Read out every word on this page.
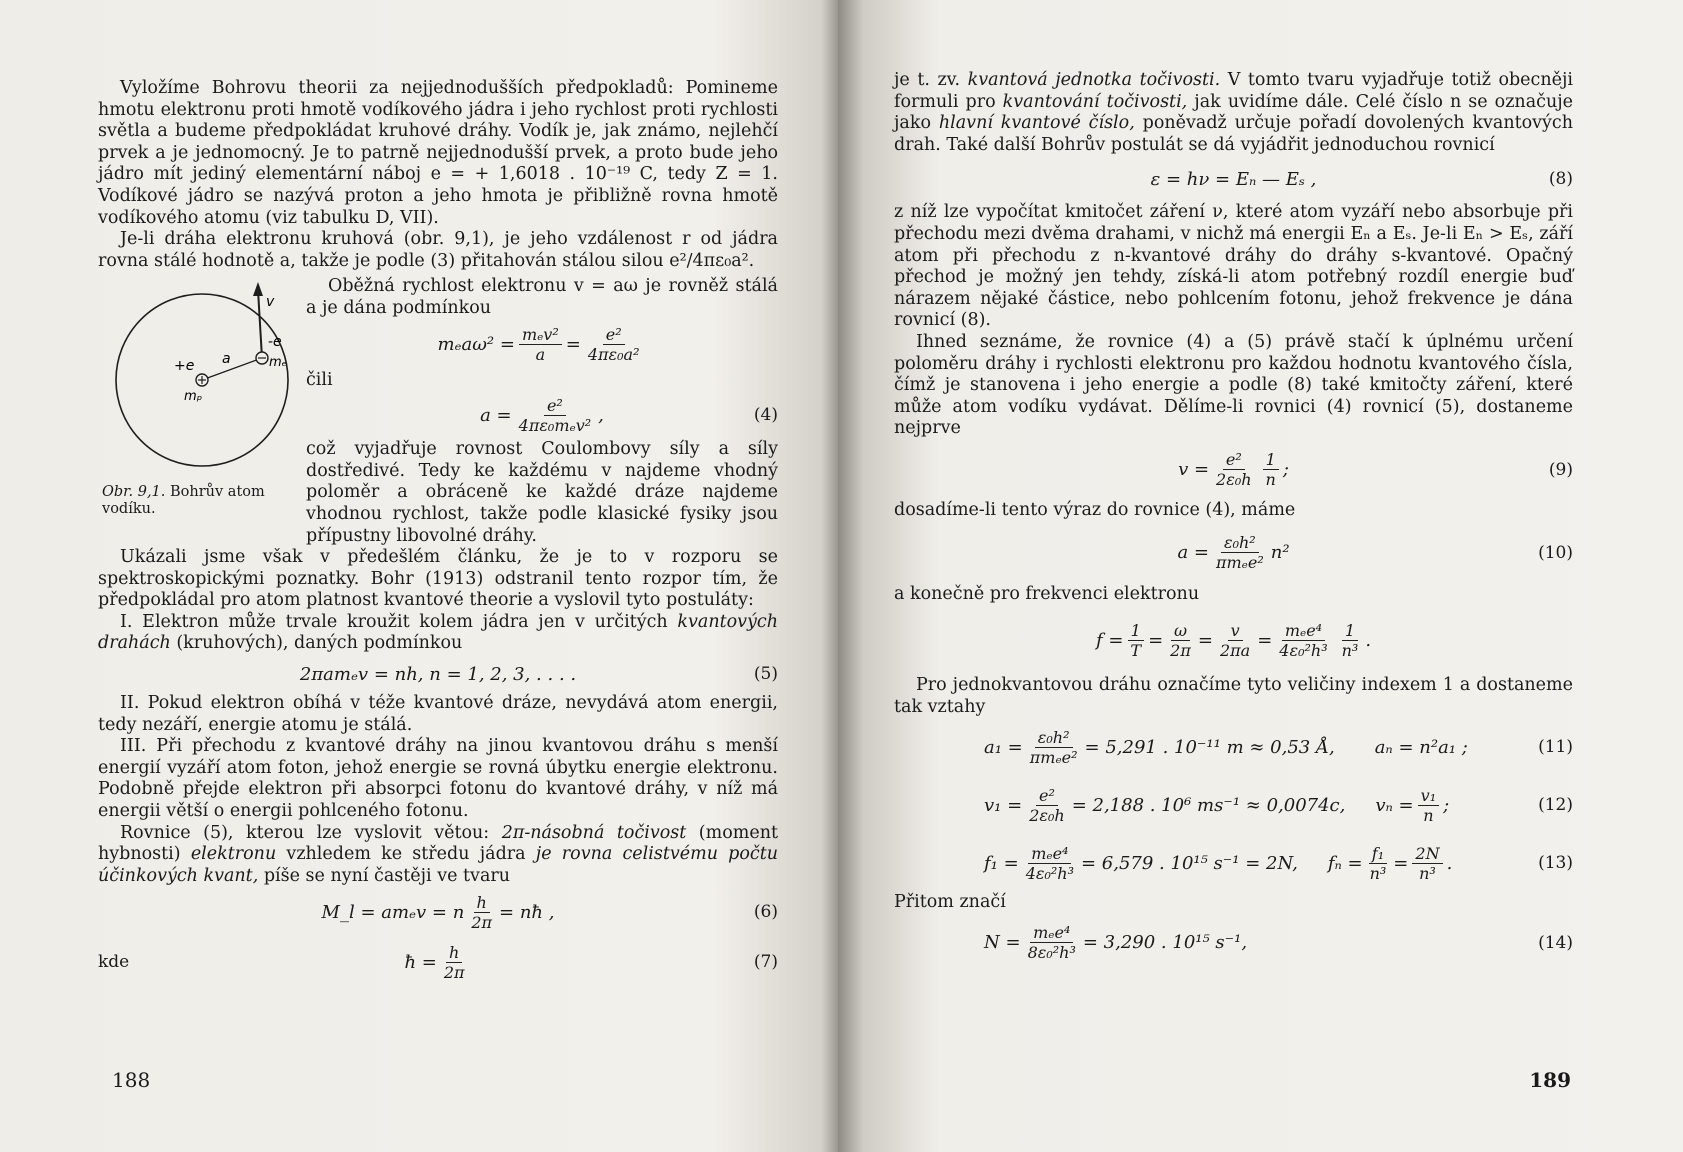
Vyložíme Bohrovu theorii za nejjednodušších předpokladů: Pomineme hmotu elektronu proti hmotě vodíkového jádra i jeho rychlost proti rychlosti světla a budeme předpokládat kruhové dráhy. Vodík je, jak známo, nejlehčí prvek a je jednomocný. Je to patrně nejjednodušší prvek, a proto bude jeho jádro mít jediný elementární náboj e = + 1,6018 . 10⁻¹⁹ C, tedy Z = 1. Vodíkové jádro se nazývá proton a jeho hmota je přibližně rovna hmotě vodíkového atomu (viz tabulku D, VII).

Je-li dráha elektronu kruhová (obr. 9,1), je jeho vzdálenost r od jádra rovna stálé hodnotě a, takže je podle (3) přitahován stálou silou e²/4πε₀a².

v
-e
mₑ
+e a
mₚ
Obr. 9,1. Bohrův atom vodíku.

Oběžná rychlost elektronu v = aω je rovněž stálá a je dána podmínkou

$m_ea\omega^2 = \frac{\text{mₑv²}}{a} = \frac{\text{e²}}{\text{4πε₀a²}}$

čili

$a = \frac{\text{e²}}{\text{4πε₀mₑv²}}$ ,	(4)

což vyjadřuje rovnost Coulombovy síly a síly dostředivé. Tedy ke každému v najdeme vhodný poloměr a obráceně ke každé dráze najdeme vhodnou rychlost, takže podle klasické fysiky jsou přípustny libovolné dráhy.

Ukázali jsme však v předešlém článku, že je to v rozporu se spektroskopickými poznatky. Bohr (1913) odstranil tento rozpor tím, že předpokládal pro atom platnost kvantové theorie a vyslovil tyto postuláty:

I. Elektron může trvale kroužit kolem jádra jen v určitých kvantových drahách (kruhových), daných podmínkou

2πamₑv = nh, n = 1, 2, 3, . . . .	(5)

II. Pokud elektron obíhá v téže kvantové dráze, nevydává atom energii, tedy nezáří, energie atomu je stálá.

III. Při přechodu z kvantové dráhy na jinou kvantovou dráhu s menší energií vyzáří atom foton, jehož energie se rovná úbytku energie elektronu. Podobně přejde elektron při absorpci fotonu do kvantové dráhy, v níž má energii větší o energii pohlceného fotonu.

Rovnice (5), kterou lze vyslovit větou: 2π-násobná točivost (moment hybnosti) elektronu vzhledem ke středu jádra je rovna celistvému počtu účinkových kvant, píše se nyní častěji ve tvaru

M_l = amₑv = n $\frac{h}{2\pi}$ = nħ ,	(6)
kde	ħ = $\frac{h}{2\pi}$	(7)
188

je t. zv. kvantová jednotka točivosti. V tomto tvaru vyjadřuje totiž obecněji formuli pro kvantování točivosti, jak uvidíme dále. Celé číslo n se označuje jako hlavní kvantové číslo, poněvadž určuje pořadí dovolených kvantových drah. Také další Bohrův postulát se dá vyjádřit jednoduchou rovnicí

ε = hν = Eₙ — Eₛ ,	(8)

z níž lze vypočítat kmitočet záření ν, které atom vyzáří nebo absorbuje při přechodu mezi dvěma drahami, v nichž má energii Eₙ a Eₛ. Je-li Eₙ > Eₛ, září atom při přechodu z n-kvantové dráhy do dráhy s-kvantové. Opačný přechod je možný jen tehdy, získá-li atom potřebný rozdíl energie buď nárazem nějaké částice, nebo pohlcením fotonu, jehož frekvence je dána rovnicí (8).

Ihned seznáme, že rovnice (4) a (5) právě stačí k úplnému určení poloměru dráhy i rychlosti elektronu pro každou hodnotu kvantového čísla, čímž je stanovena i jeho energie a podle (8) také kmitočty záření, které může atom vodíku vydávat. Dělíme-li rovnici (4) rovnicí (5), dostaneme nejprve

$v = \frac{\text{e²}}{\text{2ε₀h}} \frac{1}{n}$ ;	(9)

dosadíme-li tento výraz do rovnice (4), máme

$a = \frac{\text{ε₀h²}}{\text{πmₑe²}} n^2$	(10)

a konečně pro frekvenci elektronu

$f = \frac{1}{T} = \frac{\omega}{2\pi} = \frac{v}{2\pi a} = \frac{\text{mₑe⁴}}{\text{4ε₀²h³}} \frac{1}{\text{n³}}$ .

Pro jednokvantovou dráhu označíme tyto veličiny indexem 1 a dostaneme tak vztahy

$a_1 = \frac{\text{ε₀h²}}{\text{πmₑe²}} = 5,291$ . 10⁻¹¹ m ≈ 0,53 Å, aₙ = n²a₁ ;	(11)
$v_1 = \frac{\text{e²}}{\text{2ε₀h}} = 2,188$ . 10⁶ ms⁻¹ ≈ 0,0074c, $v_n = \frac{\text{v₁}}{n}$ ;	(12)
$f_1 = \frac{\text{mₑe⁴}}{\text{4ε₀²h³}} = 6,579$ . 10¹⁵ s⁻¹ = 2N, $f_n = \frac{\text{f₁}}{\text{n³}} = \frac{2N}{\text{n³}}$ .	(13)

Přitom značí

$N = \frac{\text{mₑe⁴}}{\text{8ε₀²h³}} = 3,290$ . 10¹⁵ s⁻¹,	(14)
189
